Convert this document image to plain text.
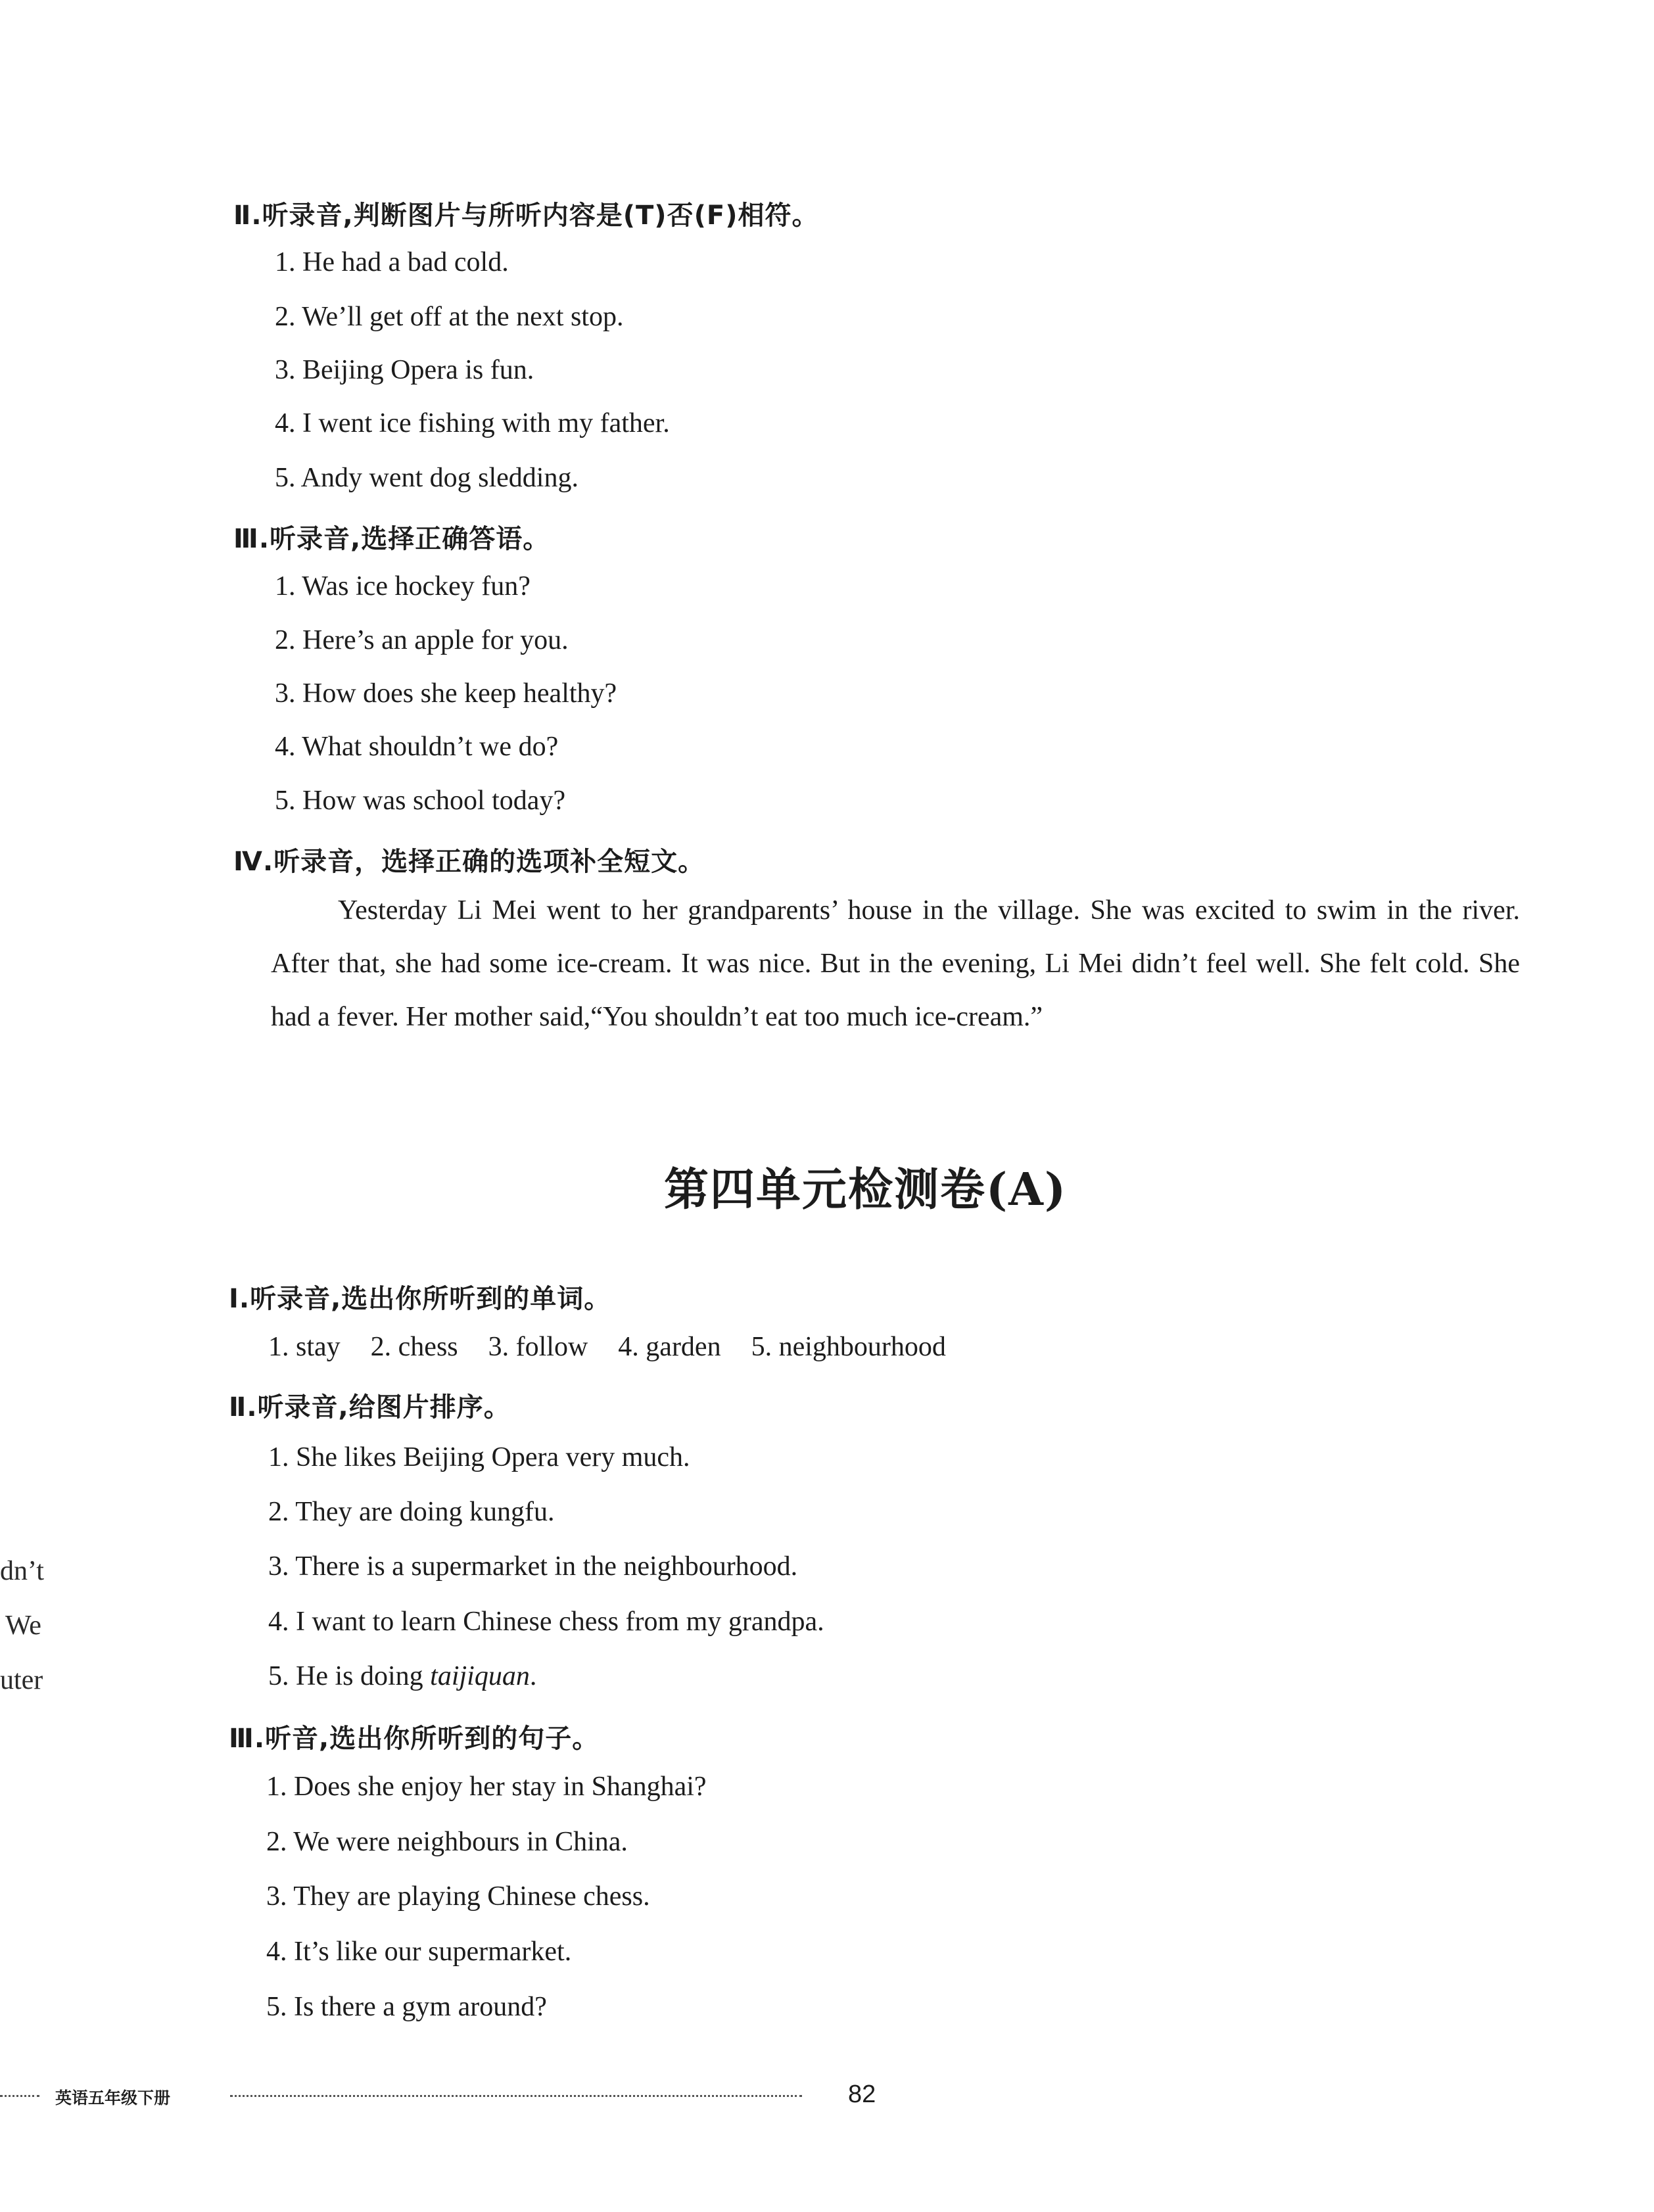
Ⅱ.听录音,判断图片与所听内容是(T)否(F)相符。
1. He had a bad cold.
2. We’ll get off at the next stop.
3. Beijing Opera is fun.
4. I went ice fishing with my father.
5. Andy went dog sledding.
Ⅲ.听录音,选择正确答语。
1. Was ice hockey fun?
2. Here’s an apple for you.
3. How does she keep healthy?
4. What shouldn’t we do?
5. How was school today?
Ⅳ.听录音，选择正确的选项补全短文。
Yesterday Li Mei went to her grandparents’ house in the village. She was excited to swim in the river. After that, she had some ice-cream. It was nice. But in the evening, Li Mei didn’t feel well. She felt cold. She had a fever. Her mother said,“You shouldn’t eat too much ice-cream.”
第四单元检测卷(A)
Ⅰ.听录音,选出你所听到的单词。
1. stay 2. chess 3. follow 4. garden 5. neighbourhood
Ⅱ.听录音,给图片排序。
1. She likes Beijing Opera very much.
2. They are doing kungfu.
3. There is a supermarket in the neighbourhood.
4. I want to learn Chinese chess from my grandpa.
5. He is doing taijiquan.
Ⅲ.听音,选出你所听到的句子。
1. Does she enjoy her stay in Shanghai?
2. We were neighbours in China.
3. They are playing Chinese chess.
4. It’s like our supermarket.
5. Is there a gym around?
dn’t
We
uter
英语五年级下册	82
